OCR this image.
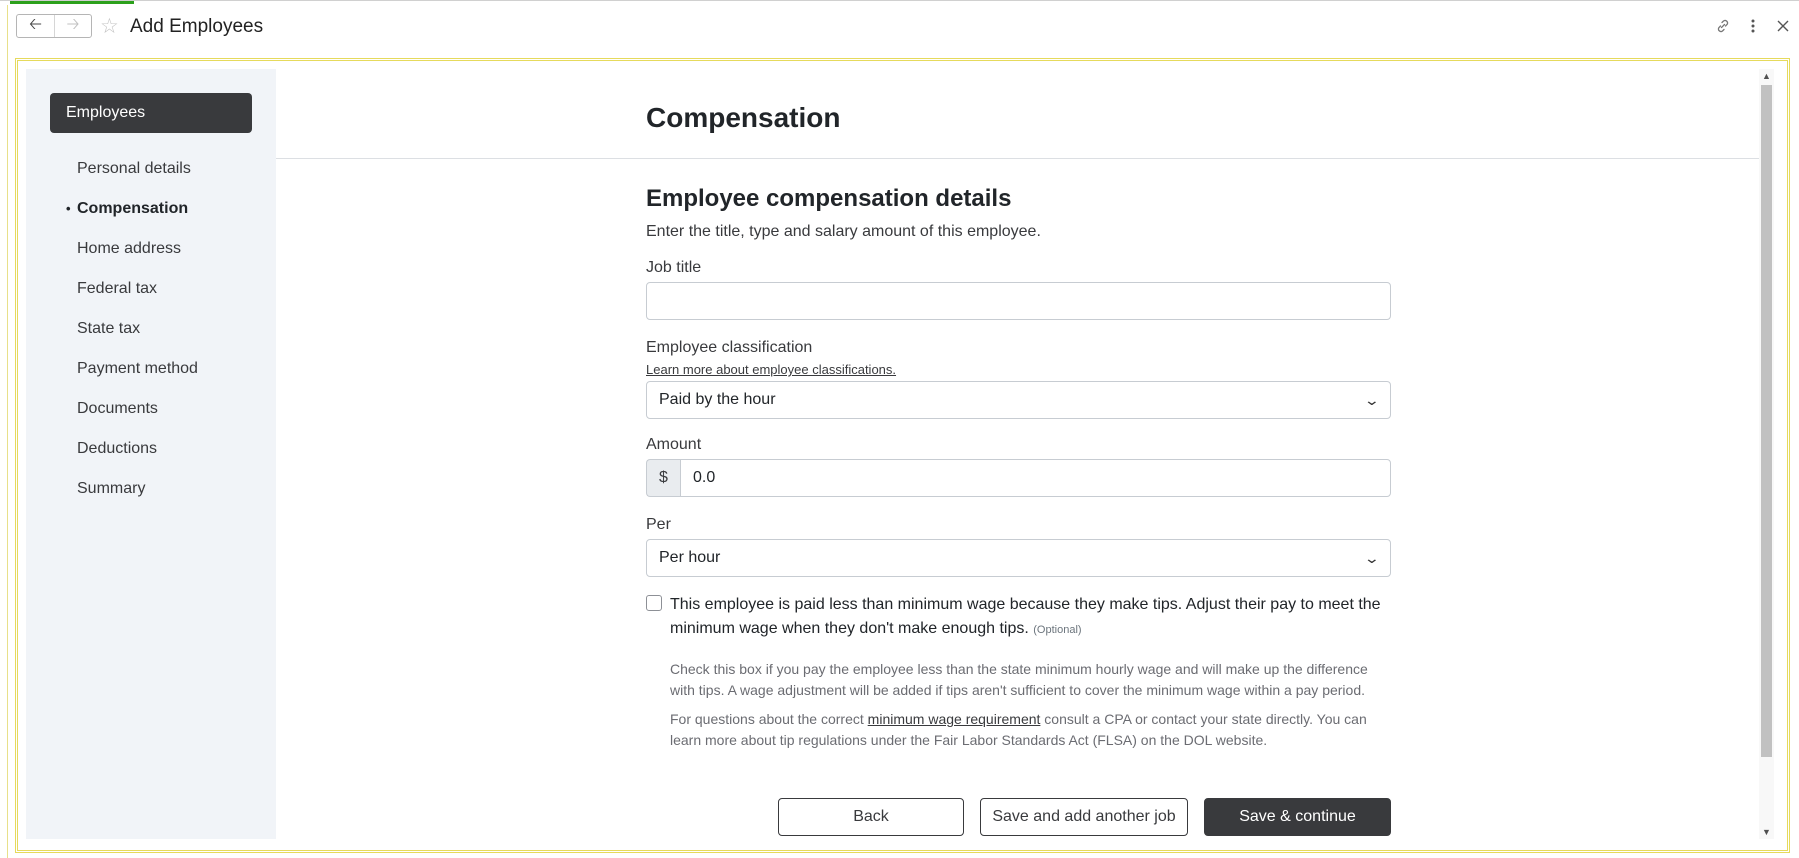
🡠	🡢 ☆ Add Employees
Employees
Personal details
• Compensation
Home address
Federal tax
State tax
Payment method
Documents
Deductions
Summary
Compensation
Employee compensation details
Enter the title, type and salary amount of this employee.
Job title
Employee classification
Learn more about employee classifications.
Paid by the hour	⌄
Amount
$	0.0
Per
Per hour	⌄
This employee is paid less than minimum wage because they make tips. Adjust their pay to meet the minimum wage when they don't make enough tips. (Optional)
Check this box if you pay the employee less than the state minimum hourly wage and will make up the difference with tips. A wage adjustment will be added if tips aren't sufficient to cover the minimum wage within a pay period.
For questions about the correct minimum wage requirement consult a CPA or contact your state directly. You can learn more about tip regulations under the Fair Labor Standards Act (FLSA) on the DOL website.
Back	Save and add another job	Save & continue
▲
▼
